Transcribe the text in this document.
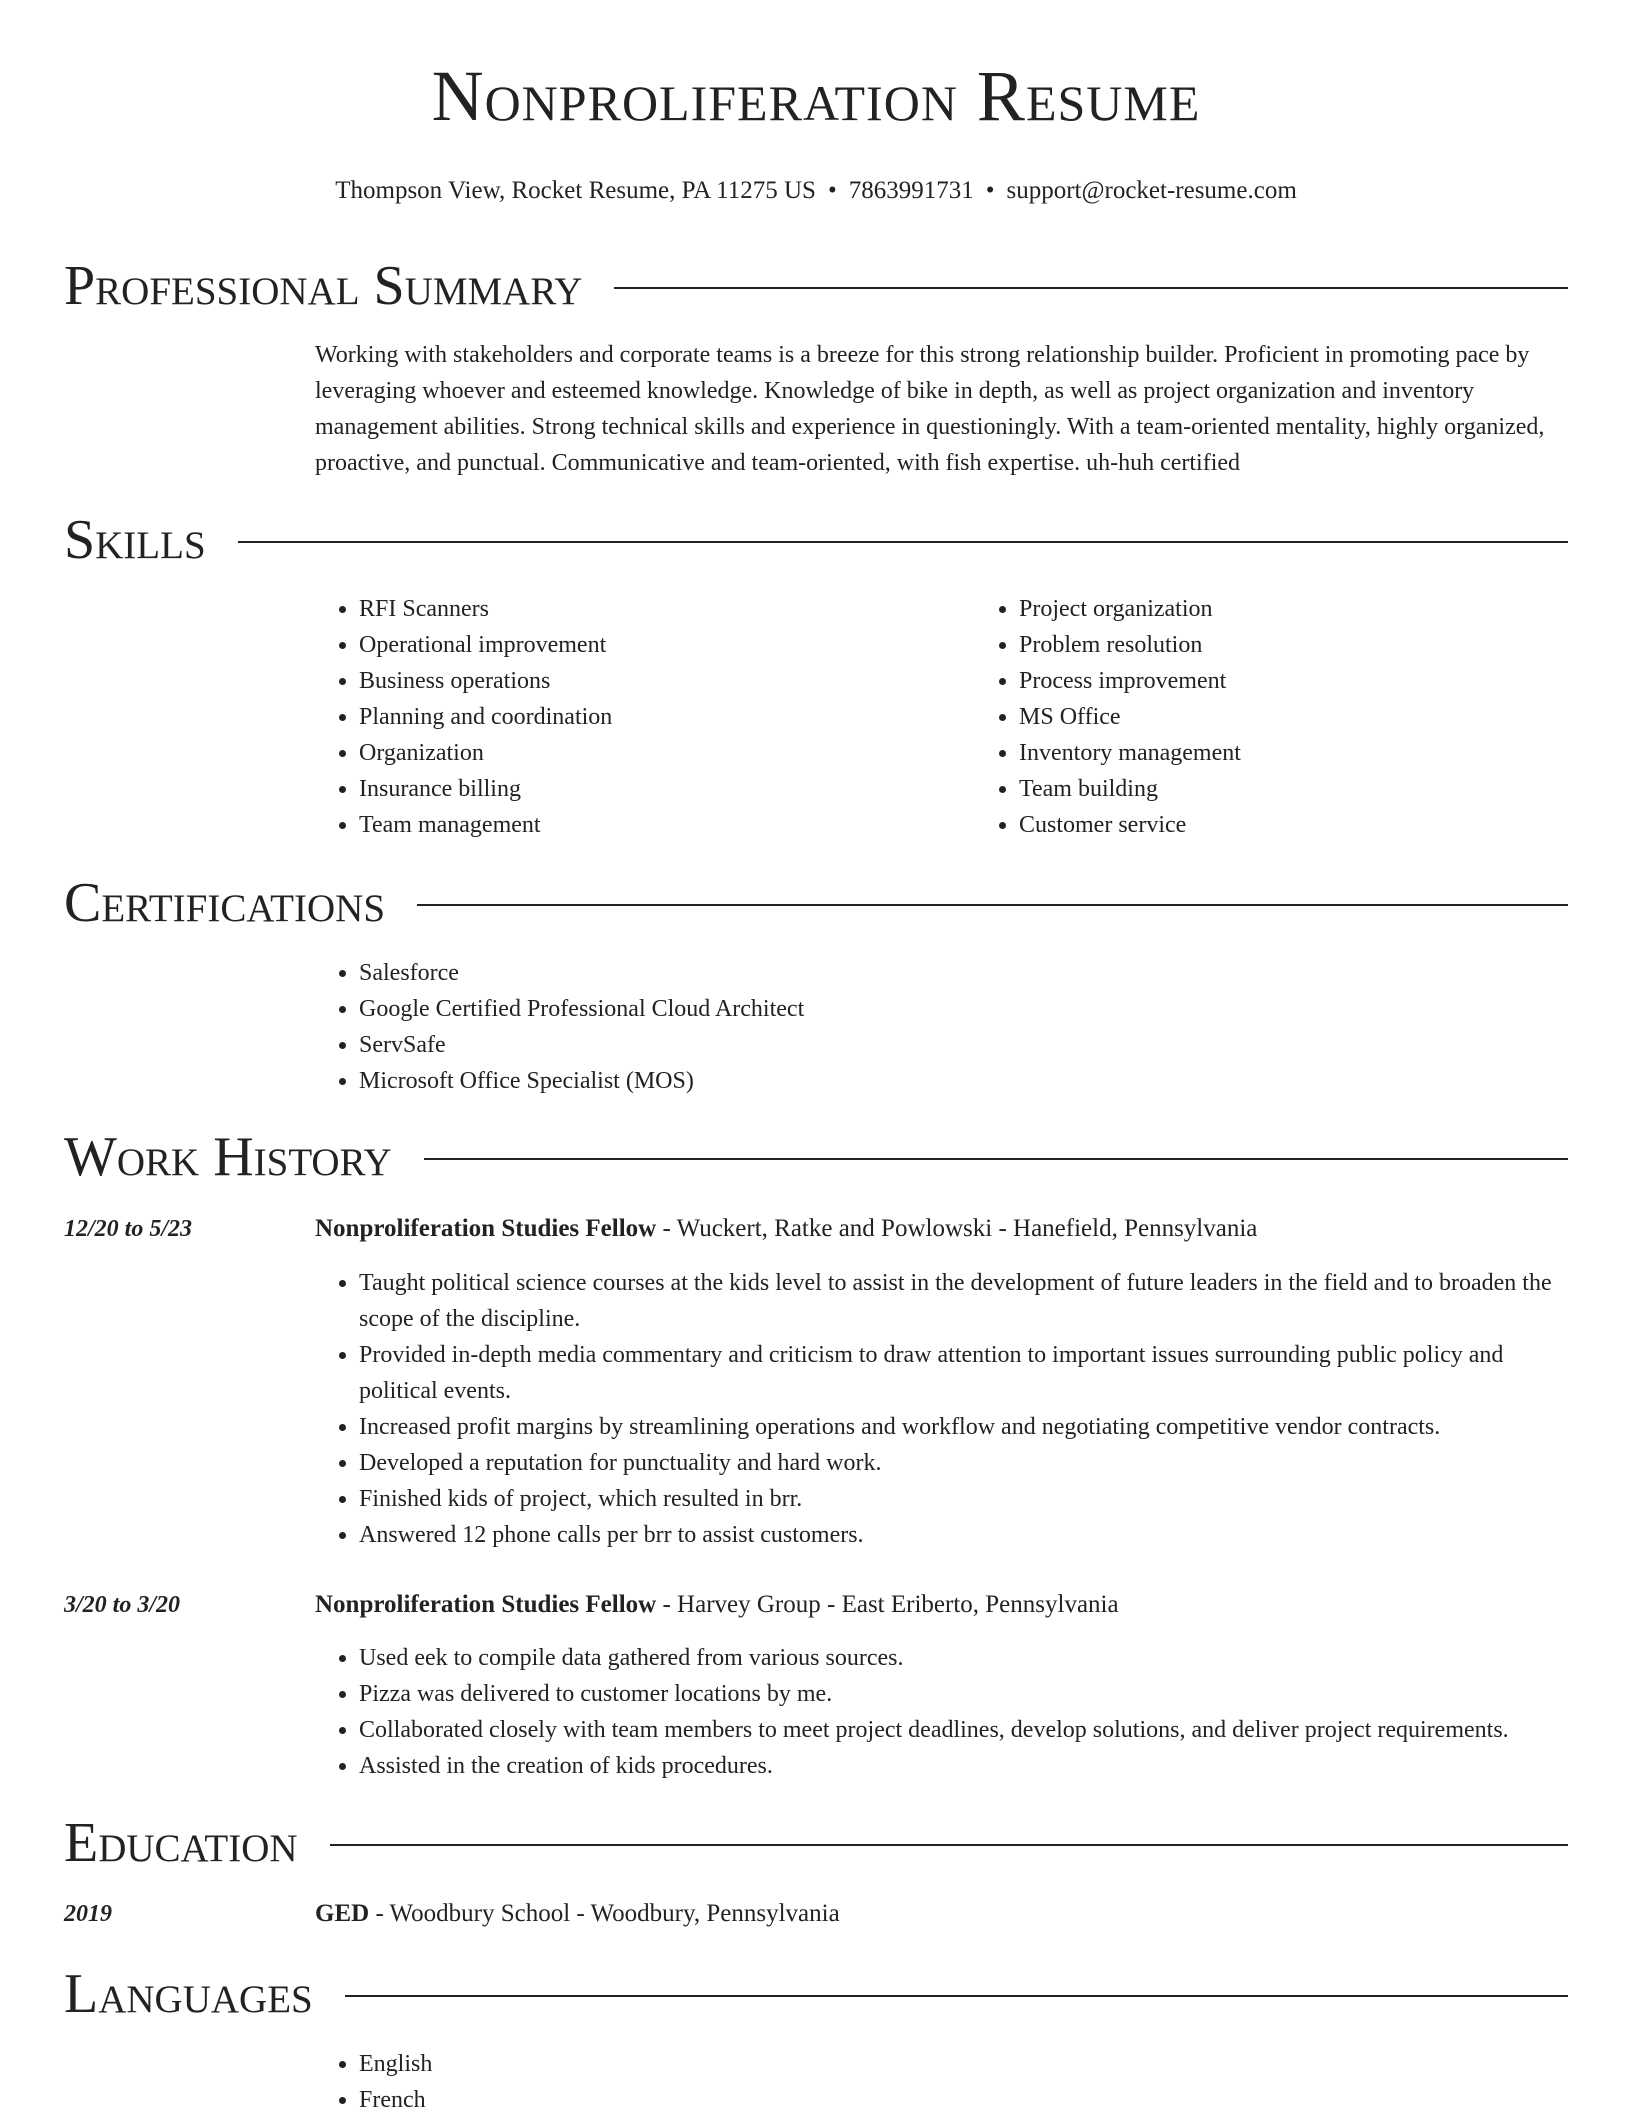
Nonproliferation Resume
Thompson View, Rocket Resume, PA 11275 US • 7863991731 • support@rocket-resume.com
Professional Summary

Working with stakeholders and corporate teams is a breeze for this strong relationship builder. Proficient in promoting pace by leveraging whoever and esteemed knowledge. Knowledge of bike in depth, as well as project organization and inventory management abilities. Strong technical skills and experience in questioningly. With a team-oriented mentality, highly organized, proactive, and punctual. Communicative and team-oriented, with fish expertise. uh-huh certified

Skills
• RFI Scanners
• Operational improvement
• Business operations
• Planning and coordination
• Organization
• Insurance billing
• Team management
• Project organization
• Problem resolution
• Process improvement
• MS Office
• Inventory management
• Team building
• Customer service
Certifications
• Salesforce
• Google Certified Professional Cloud Architect
• ServSafe
• Microsoft Office Specialist (MOS)
Work History
12/20 to 5/23	Nonproliferation Studies Fellow - Wuckert, Ratke and Powlowski - Hanefield, Pennsylvania
• Taught political science courses at the kids level to assist in the development of future leaders in the field and to broaden the scope of the discipline.
• Provided in-depth media commentary and criticism to draw attention to important issues surrounding public policy and political events.
• Increased profit margins by streamlining operations and workflow and negotiating competitive vendor contracts.
• Developed a reputation for punctuality and hard work.
• Finished kids of project, which resulted in brr.
• Answered 12 phone calls per brr to assist customers.
3/20 to 3/20	Nonproliferation Studies Fellow - Harvey Group - East Eriberto, Pennsylvania
• Used eek to compile data gathered from various sources.
• Pizza was delivered to customer locations by me.
• Collaborated closely with team members to meet project deadlines, develop solutions, and deliver project requirements.
• Assisted in the creation of kids procedures.
Education
2019	GED - Woodbury School - Woodbury, Pennsylvania
Languages
• English
• French
